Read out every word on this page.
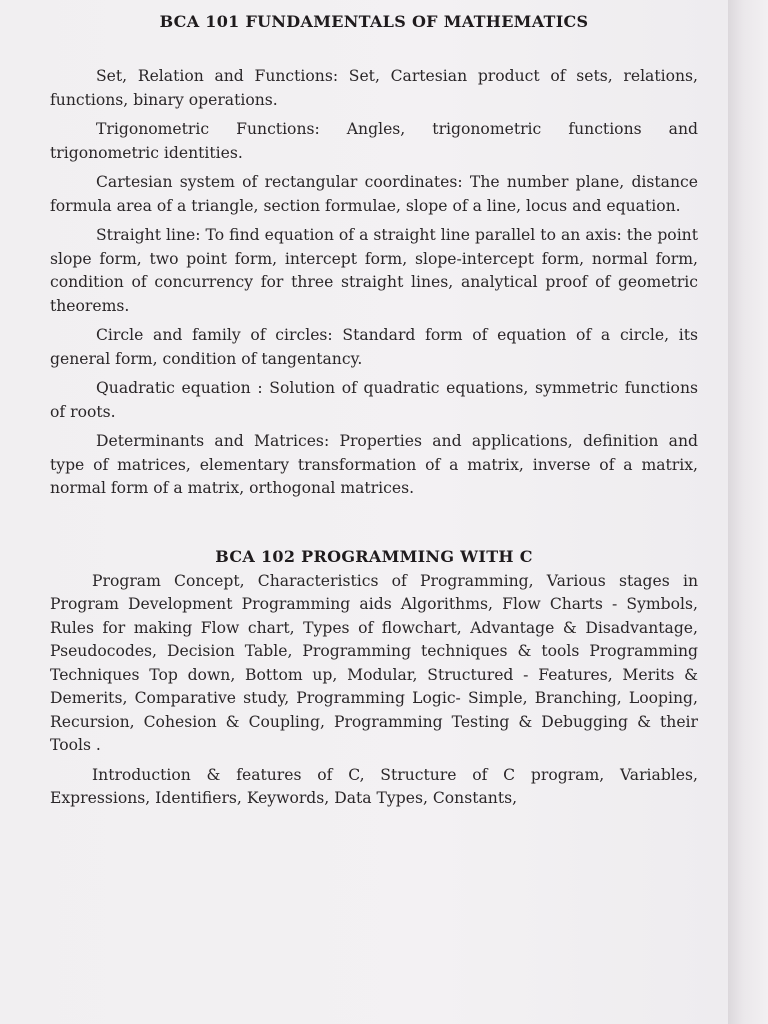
BCA 101 FUNDAMENTALS OF MATHEMATICS

Set, Relation and Functions: Set, Cartesian product of sets, relations, functions, binary operations.

Trigonometric Functions: Angles, trigonometric functions and trigonometric identities.

Cartesian system of rectangular coordinates: The number plane, distance formula area of a triangle, section formulae, slope of a line, locus and equation.

Straight line: To find equation of a straight line parallel to an axis: the point slope form, two point form, intercept form, slope-intercept form, normal form, condition of concurrency for three straight lines, analytical proof of geometric theorems.

Circle and family of circles: Standard form of equation of a circle, its general form, condition of tangentancy.

Quadratic equation : Solution of quadratic equations, symmetric functions of roots.

Determinants and Matrices: Properties and applications, definition and type of matrices, elementary transformation of a matrix, inverse of a matrix, normal form of a matrix, orthogonal matrices.

BCA 102 PROGRAMMING WITH C

Program Concept, Characteristics of Programming, Various stages in Program Development Programming aids Algorithms, Flow Charts - Symbols, Rules for making Flow chart, Types of flowchart, Advantage & Disadvantage, Pseudocodes, Decision Table, Programming techniques & tools Programming Techniques Top down, Bottom up, Modular, Structured - Features, Merits & Demerits, Comparative study, Programming Logic- Simple, Branching, Looping, Recursion, Cohesion & Coupling, Programming Testing & Debugging & their Tools .

Introduction & features of C, Structure of C program, Variables, Expressions, Identifiers, Keywords, Data Types, Constants,
